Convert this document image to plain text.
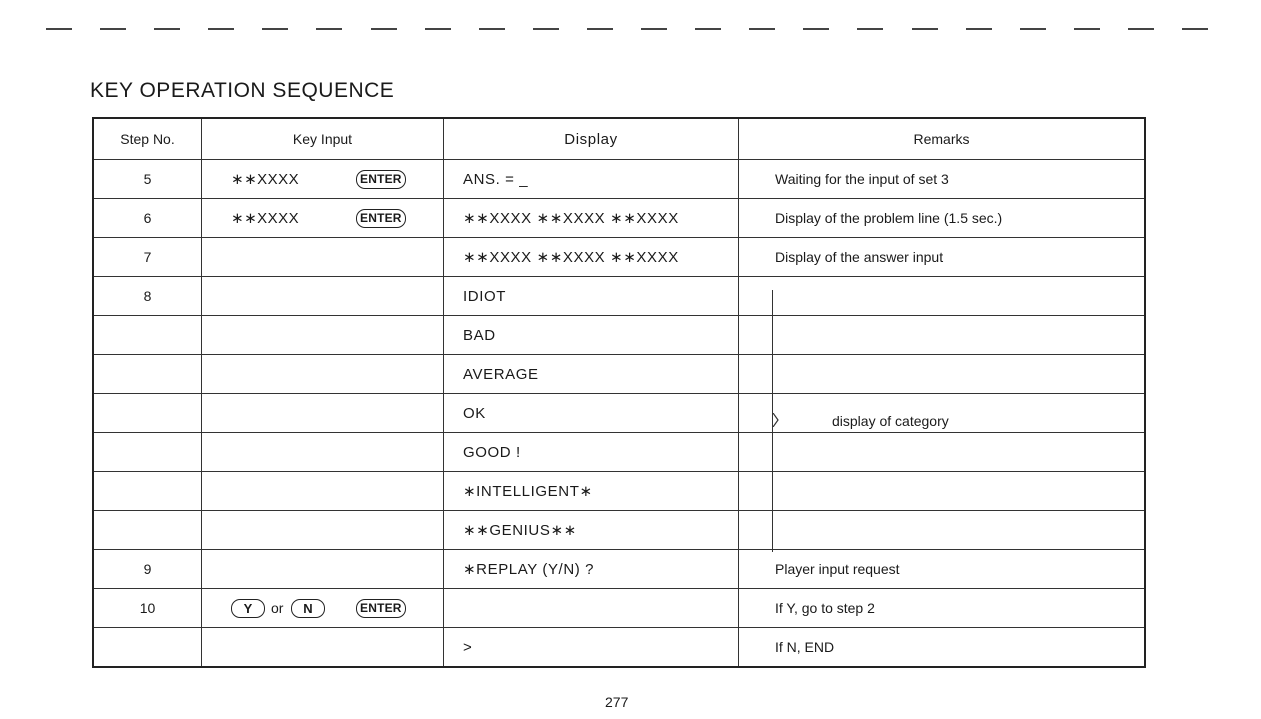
KEY OPERATION SEQUENCE
Step No.	Key Input	Display	Remarks
5	∗∗XXXX ENTER	ANS. = _	Waiting for the input of set 3
6	∗∗XXXX ENTER	∗∗XXXX ∗∗XXXX ∗∗XXXX	Display of the problem line (1.5 sec.)
7		∗∗XXXX ∗∗XXXX ∗∗XXXX	Display of the answer input
8		IDIOT	
		BAD	
		AVERAGE	
		OK	
		GOOD !	
		∗INTELLIGENT∗	
		∗∗GENIUS∗∗	
9		∗REPLAY (Y/N) ?	Player input request
10	Y or N ENTER		If Y, go to step 2
		>	If N, END
display of category
277
